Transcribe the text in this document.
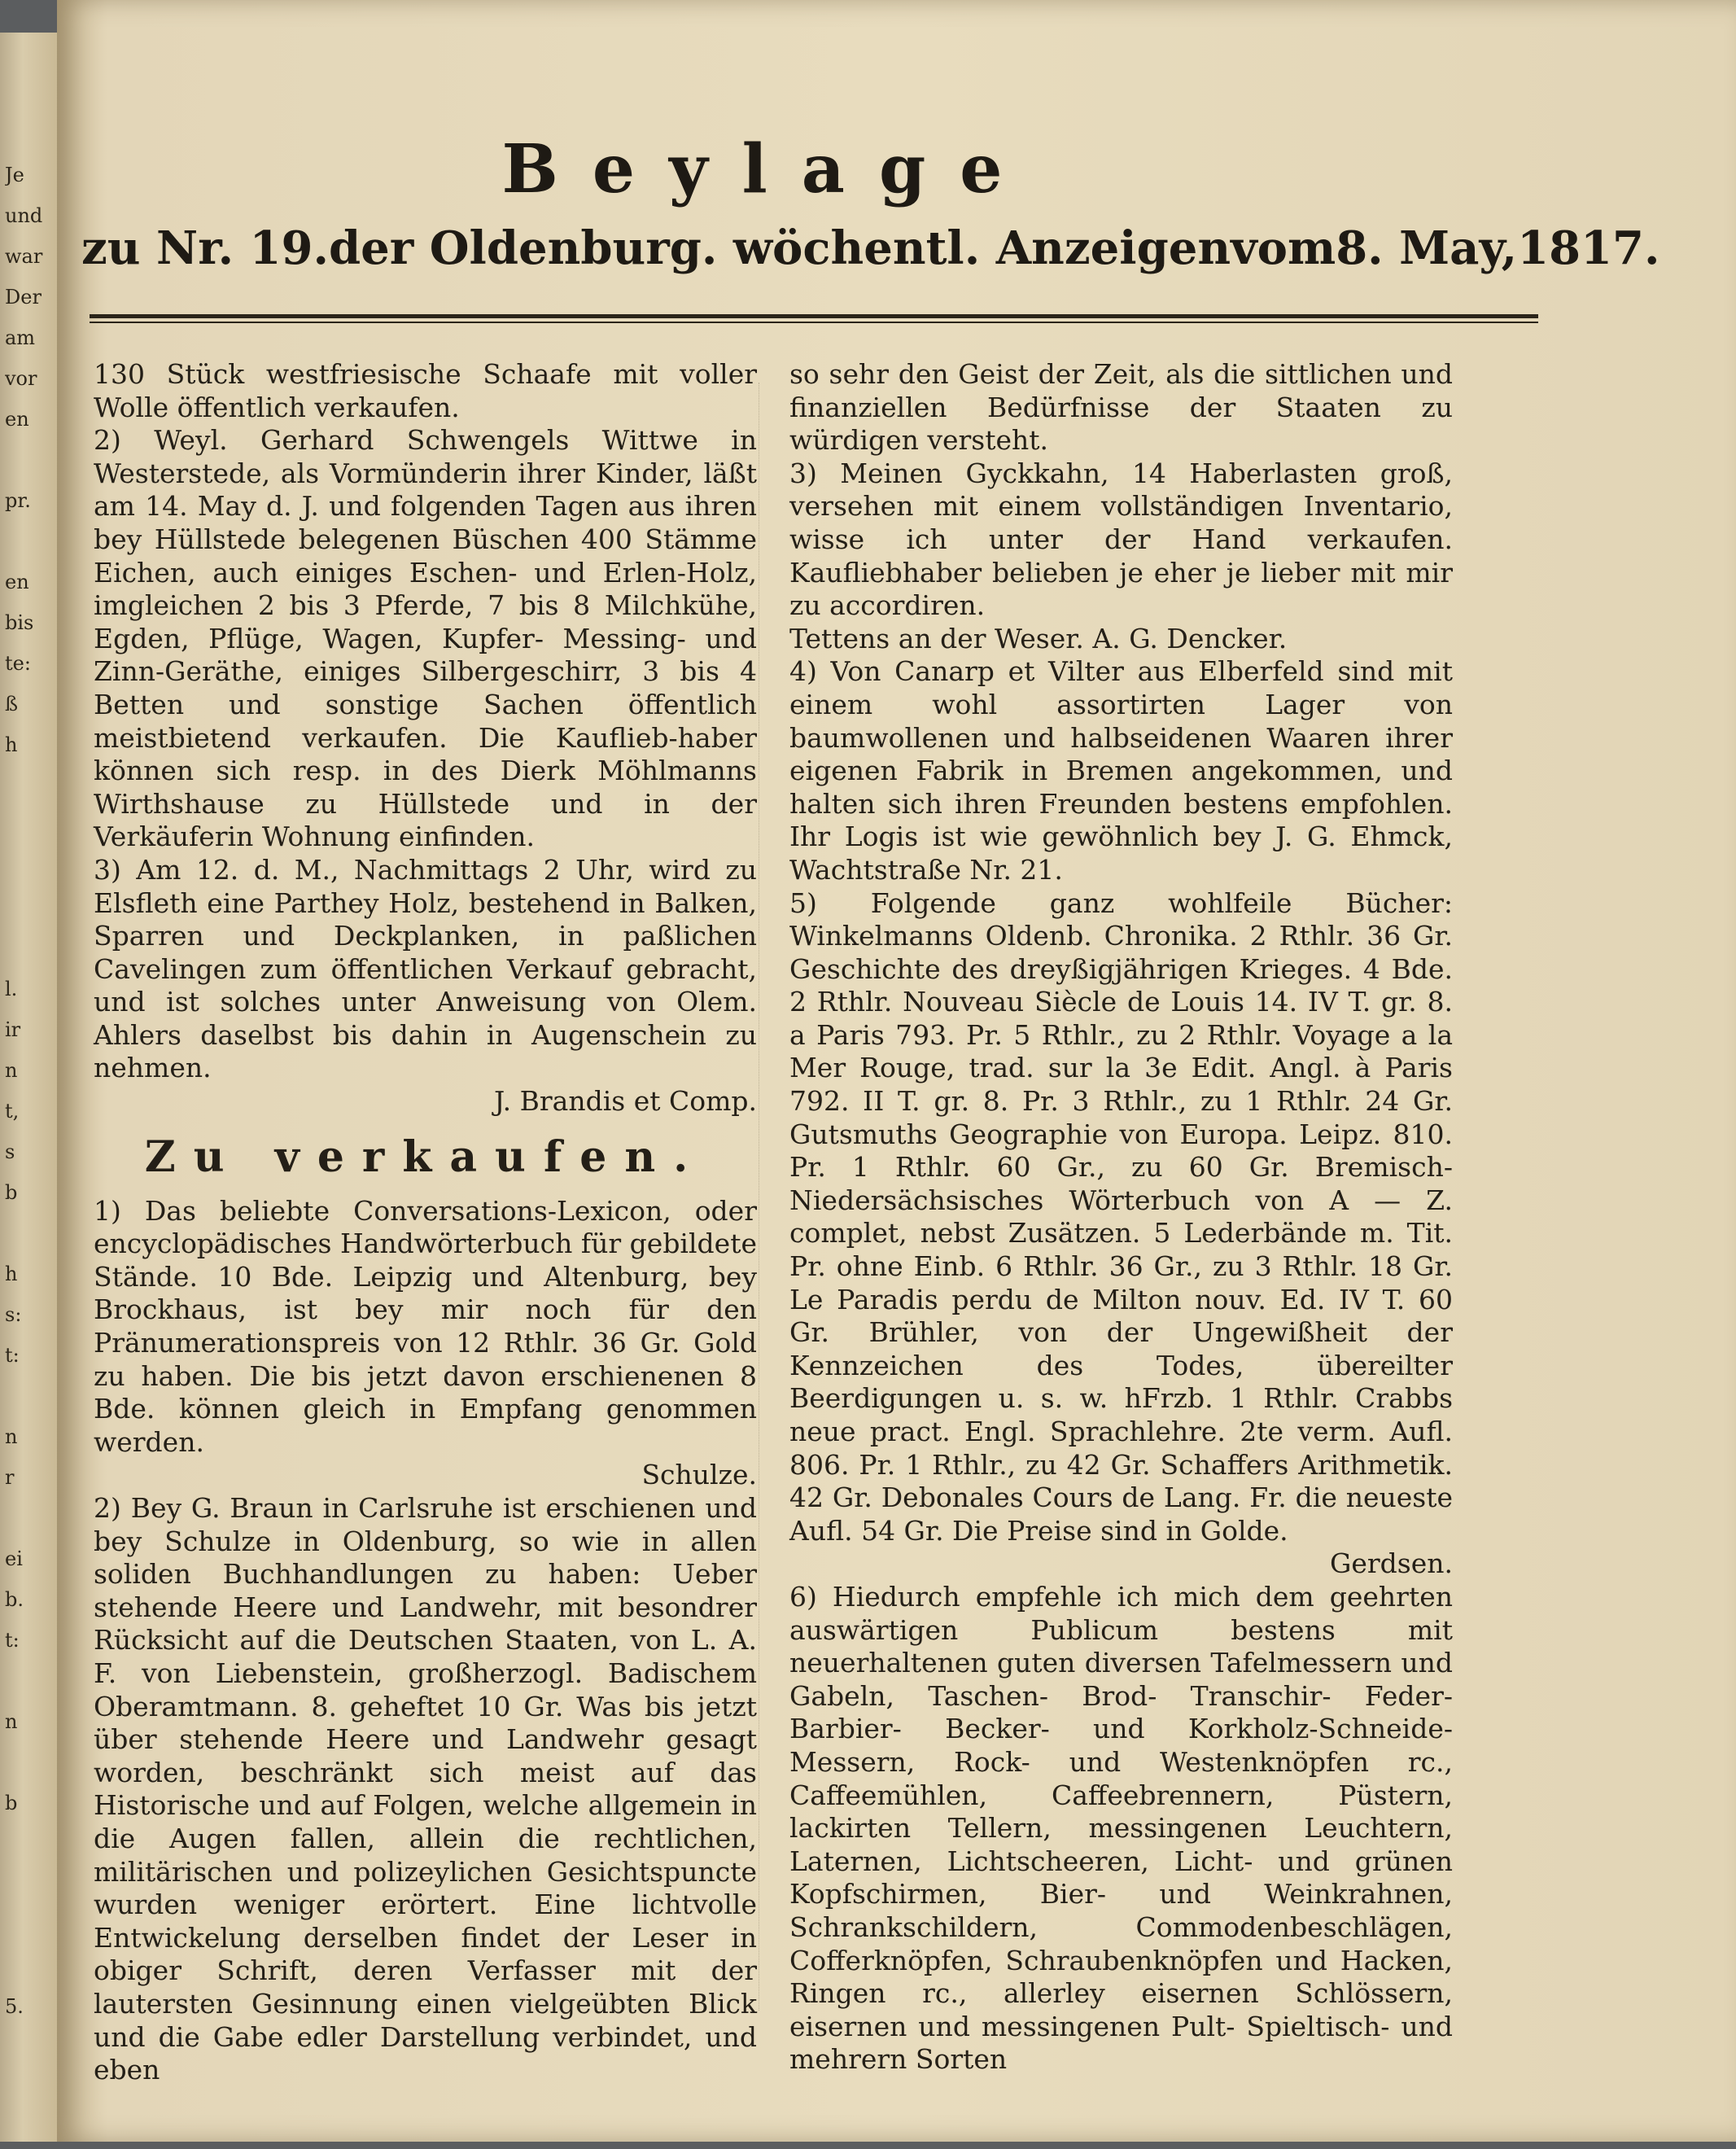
Je
und
war
Der
am
vor
en

pr.

en
bis
te:
ß
h

l.
ir
n
t,
s
b

h
s:
t:

n
r

ei
b.
t:

n

b

5.

Beylage
zu Nr. 19. der Oldenburg. wöchentl. Anzeigen vom 8. May, 1817.

130 Stück westfriesische Schaafe mit voller Wolle öffentlich verkaufen.

2) Weyl. Gerhard Schwengels Wittwe in Westerstede, als Vormünderin ihrer Kinder, läßt am 14. May d. J. und folgenden Tagen aus ihren bey Hüllstede belegenen Büschen 400 Stämme Eichen, auch einiges Eschen- und Erlen-Holz, imgleichen 2 bis 3 Pferde, 7 bis 8 Milchkühe, Egden, Pflüge, Wagen, Kupfer- Messing- und Zinn-Geräthe, einiges Silbergeschirr, 3 bis 4 Betten und sonstige Sachen öffentlich meistbietend verkaufen. Die Kauflieb-haber können sich resp. in des Dierk Möhlmanns Wirthshause zu Hüllstede und in der Verkäuferin Wohnung einfinden.

3) Am 12. d. M., Nachmittags 2 Uhr, wird zu Elsfleth eine Parthey Holz, bestehend in Balken, Sparren und Deckplanken, in paßlichen Cavelingen zum öffentlichen Verkauf gebracht, und ist solches unter Anweisung von Olem. Ahlers daselbst bis dahin in Augenschein zu nehmen.

J. Brandis et Comp.

Zu verkaufen.

1) Das beliebte Conversations-Lexicon, oder encyclopädisches Handwörterbuch für gebildete Stände. 10 Bde. Leipzig und Altenburg, bey Brockhaus, ist bey mir noch für den Pränumerationspreis von 12 Rthlr. 36 Gr. Gold zu haben. Die bis jetzt davon erschienenen 8 Bde. können gleich in Empfang genommen werden.

Schulze.

2) Bey G. Braun in Carlsruhe ist erschienen und bey Schulze in Oldenburg, so wie in allen soliden Buchhandlungen zu haben: Ueber stehende Heere und Landwehr, mit besondrer Rücksicht auf die Deutschen Staaten, von L. A. F. von Liebenstein, großherzogl. Badischem Oberamtmann. 8. geheftet 10 Gr. Was bis jetzt über stehende Heere und Landwehr gesagt worden, beschränkt sich meist auf das Historische und auf Folgen, welche allgemein in die Augen fallen, allein die rechtlichen, militärischen und polizeylichen Gesichtspuncte wurden weniger erörtert. Eine lichtvolle Entwickelung derselben findet der Leser in obiger Schrift, deren Verfasser mit der lautersten Gesinnung einen vielgeübten Blick und die Gabe edler Darstellung verbindet, und eben

so sehr den Geist der Zeit, als die sittlichen und finanziellen Bedürfnisse der Staaten zu würdigen versteht.

3) Meinen Gyckkahn, 14 Haberlasten groß, versehen mit einem vollständigen Inventario, wisse ich unter der Hand verkaufen. Kaufliebhaber belieben je eher je lieber mit mir zu accordiren.

Tettens an der Weser. A. G. Dencker.

4) Von Canarp et Vilter aus Elberfeld sind mit einem wohl assortirten Lager von baumwollenen und halbseidenen Waaren ihrer eigenen Fabrik in Bremen angekommen, und halten sich ihren Freunden bestens empfohlen. Ihr Logis ist wie gewöhnlich bey J. G. Ehmck, Wachtstraße Nr. 21.

5) Folgende ganz wohlfeile Bücher: Winkelmanns Oldenb. Chronika. 2 Rthlr. 36 Gr. Geschichte des dreyßigjährigen Krieges. 4 Bde. 2 Rthlr. Nouveau Siècle de Louis 14. IV T. gr. 8. a Paris 793. Pr. 5 Rthlr., zu 2 Rthlr. Voyage a la Mer Rouge, trad. sur la 3e Edit. Angl. à Paris 792. II T. gr. 8. Pr. 3 Rthlr., zu 1 Rthlr. 24 Gr. Gutsmuths Geographie von Europa. Leipz. 810. Pr. 1 Rthlr. 60 Gr., zu 60 Gr. Bremisch-Niedersächsisches Wörterbuch von A — Z. complet, nebst Zusätzen. 5 Lederbände m. Tit. Pr. ohne Einb. 6 Rthlr. 36 Gr., zu 3 Rthlr. 18 Gr. Le Paradis perdu de Milton nouv. Ed. IV T. 60 Gr. Brühler, von der Ungewißheit der Kennzeichen des Todes, übereilter Beerdigungen u. s. w. hFrzb. 1 Rthlr. Crabbs neue pract. Engl. Sprachlehre. 2te verm. Aufl. 806. Pr. 1 Rthlr., zu 42 Gr. Schaffers Arithmetik. 42 Gr. Debonales Cours de Lang. Fr. die neueste Aufl. 54 Gr. Die Preise sind in Golde.

Gerdsen.

6) Hiedurch empfehle ich mich dem geehrten auswärtigen Publicum bestens mit neuerhaltenen guten diversen Tafelmessern und Gabeln, Taschen- Brod- Transchir- Feder- Barbier- Becker- und Korkholz-Schneide-Messern, Rock- und Westenknöpfen rc., Caffeemühlen, Caffeebrennern, Püstern, lackirten Tellern, messingenen Leuchtern, Laternen, Lichtscheeren, Licht- und grünen Kopfschirmen, Bier- und Weinkrahnen, Schrankschildern, Commodenbeschlägen, Cofferknöpfen, Schraubenknöpfen und Hacken, Ringen rc., allerley eisernen Schlössern, eisernen und messingenen Pult- Spieltisch- und mehrern Sorten
